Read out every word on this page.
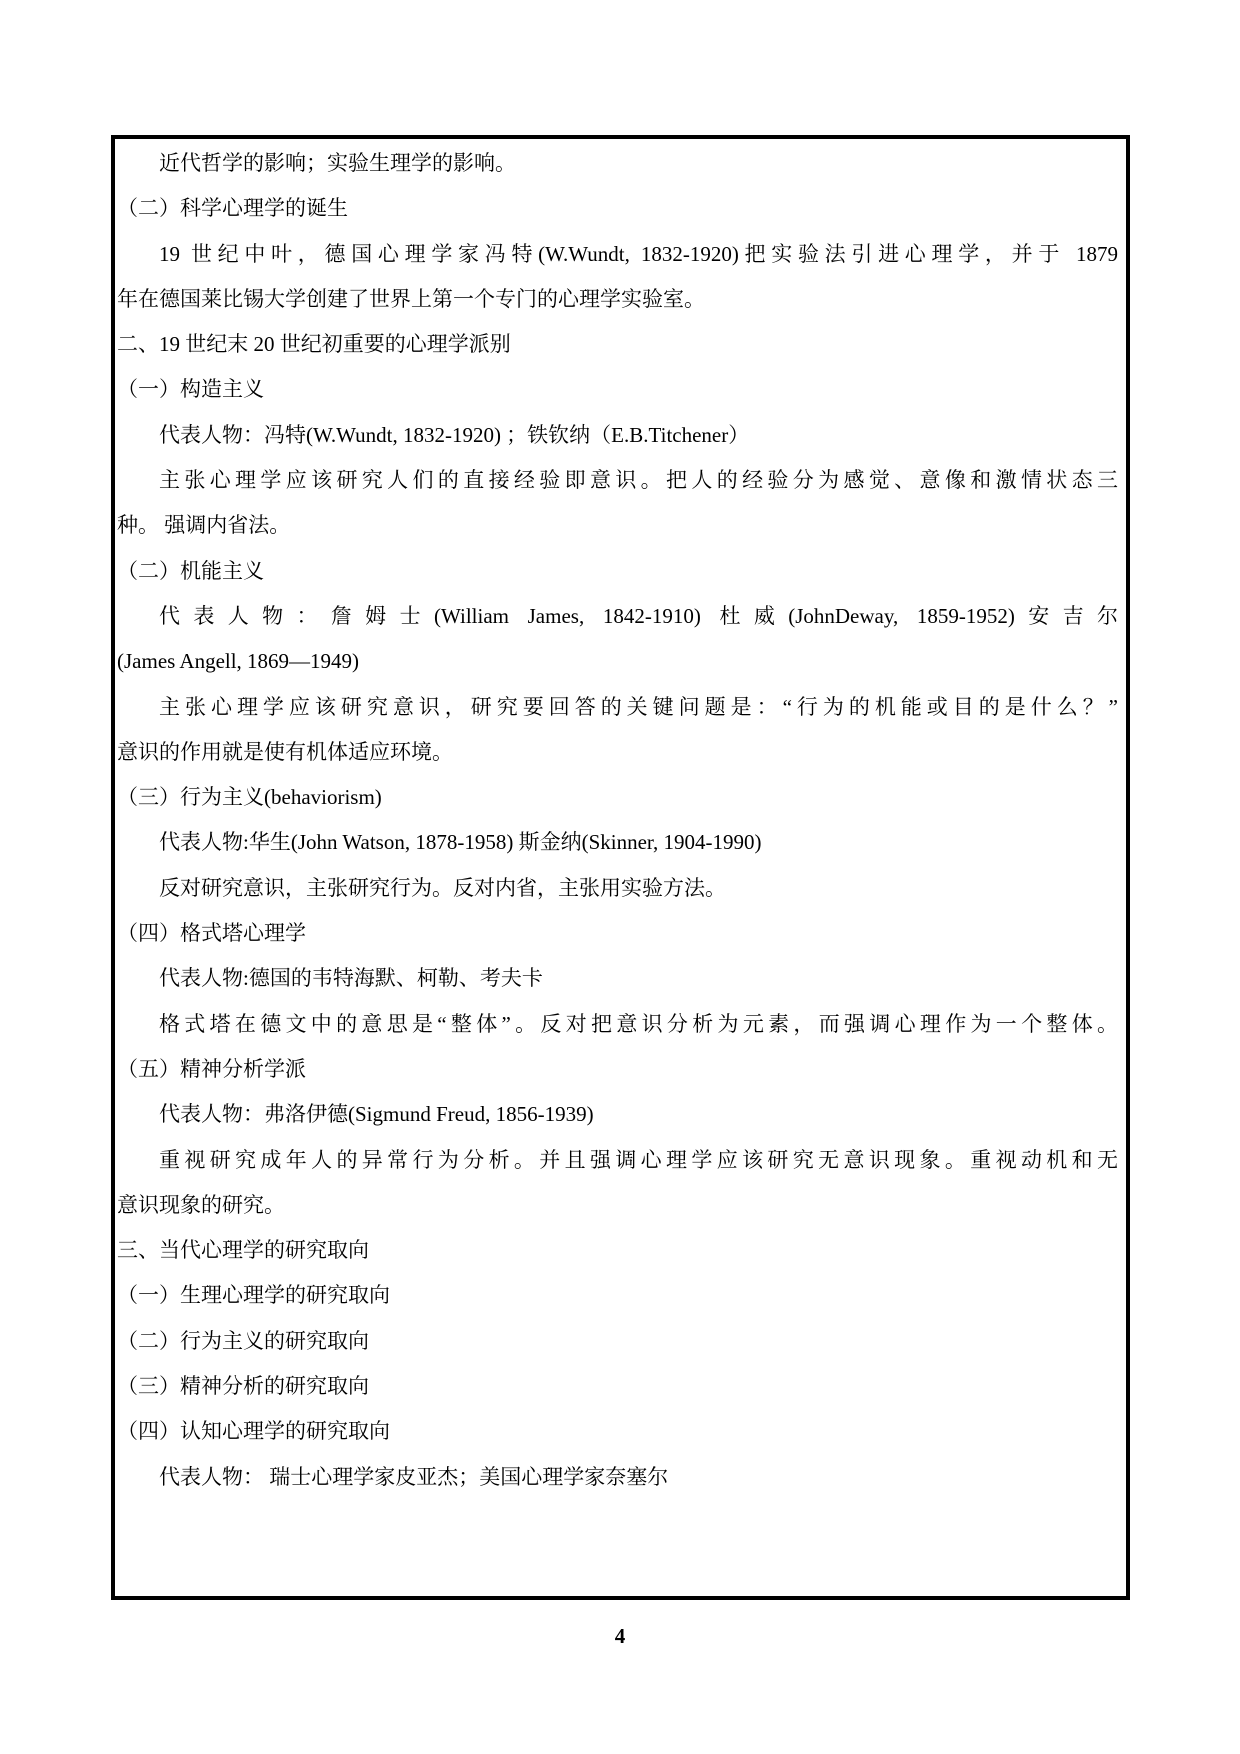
近代哲学的影响；实验生理学的影响。
（二）科学心理学的诞生
19 世纪中叶，德国心理学家冯特(W.Wundt, 1832-1920)把实验法引进心理学，并于 1879
年在德国莱比锡大学创建了世界上第一个专门的心理学实验室。
二、19 世纪末 20 世纪初重要的心理学派别
（一）构造主义
代表人物：冯特(W.Wundt, 1832-1920) ；铁钦纳（E.B.Titchener）
主张心理学应该研究人们的直接经验即意识。把人的经验分为感觉、意像和激情状态三
种。 强调内省法。
（二）机能主义
代表人物：詹姆士(William James, 1842-1910) 杜威(JohnDeway, 1859-1952)安吉尔
(James Angell, 1869—1949)
主张心理学应该研究意识，研究要回答的关键问题是：“行为的机能或目的是什么？”
意识的作用就是使有机体适应环境。
（三）行为主义(behaviorism)
代表人物:华生(John Watson, 1878-1958) 斯金纳(Skinner, 1904-1990)
反对研究意识，主张研究行为。反对内省，主张用实验方法。
（四）格式塔心理学
代表人物:德国的韦特海默、柯勒、考夫卡
格式塔在德文中的意思是“整体”。反对把意识分析为元素，而强调心理作为一个整体。
（五）精神分析学派
代表人物：弗洛伊德(Sigmund Freud, 1856-1939)
重视研究成年人的异常行为分析。并且强调心理学应该研究无意识现象。重视动机和无
意识现象的研究。
三、当代心理学的研究取向
（一）生理心理学的研究取向
（二）行为主义的研究取向
（三）精神分析的研究取向
（四）认知心理学的研究取向
代表人物： 瑞士心理学家皮亚杰；美国心理学家奈塞尔
4
